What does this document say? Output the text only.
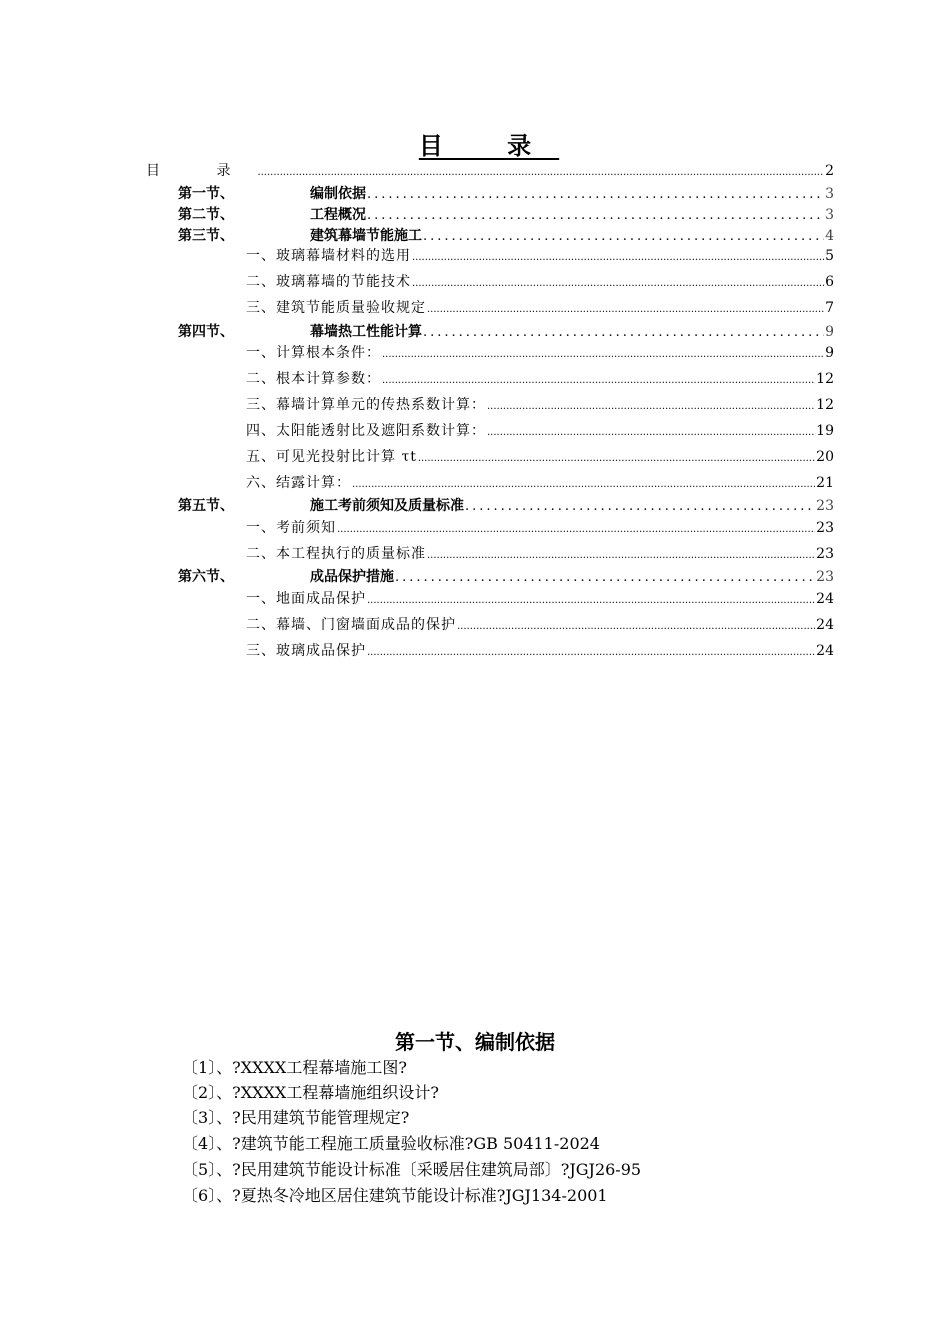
目 录
目 录 .....	2
第一节、	编制依据 .....	3
第二节、	工程概况 .....	3
第三节、	建筑幕墙节能施工 .....	4
一、玻璃幕墙材料的选用 .....	5
二、玻璃幕墙的节能技术 .....	6
三、建筑节能质量验收规定 .....	7
第四节、	幕墙热工性能计算 .....	9
一、计算根本条件： .....	9
二、根本计算参数： .....	12
三、幕墙计算单元的传热系数计算： .....	12
四、太阳能透射比及遮阳系数计算： .....	19
五、可见光投射比计算 τt .....	20
六、结露计算： .....	21
第五节、	施工考前须知及质量标准 .....	23
一、考前须知 .....	23
二、本工程执行的质量标准 .....	23
第六节、	成品保护措施 .....	23
一、地面成品保护 .....	24
二、幕墙、门窗墙面成品的保护 .....	24
三、玻璃成品保护 .....	24
第一节、编制依据
〔1〕、?XXXX工程幕墙施工图?
〔2〕、?XXXX工程幕墙施组织设计?
〔3〕、?民用建筑节能管理规定?
〔4〕、?建筑节能工程施工质量验收标准?GB 50411-2024
〔5〕、?民用建筑节能设计标准〔采暖居住建筑局部〕?JGJ26-95
〔6〕、?夏热冬冷地区居住建筑节能设计标准?JGJ134-2001
